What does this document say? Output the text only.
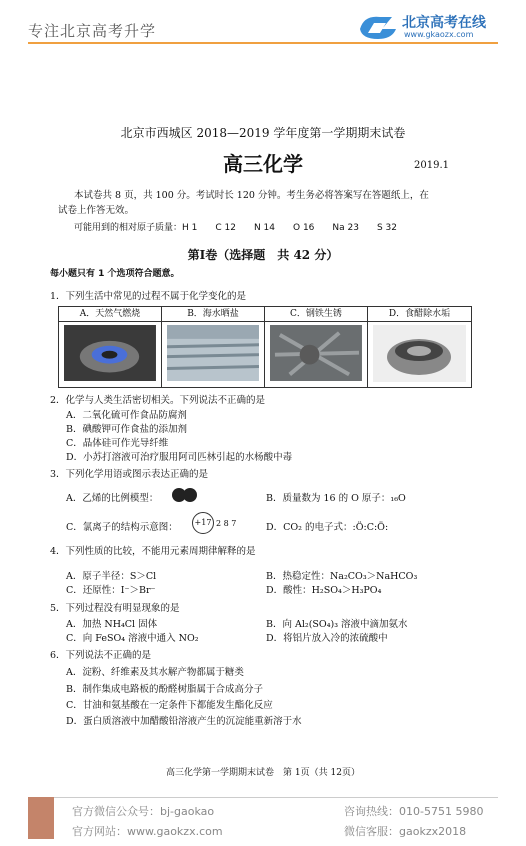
专注北京高考升学	北京高考在线
www.gkaozx.com
北京市西城区 2018—2019 学年度第一学期期末试卷
高三化学	2019.1
本试卷共 8 页，共 100 分。考试时长 120 分钟。考生务必将答案写在答题纸上，在
试卷上作答无效。
可能用到的相对原子质量：H 1　　C 12　　N 14　　O 16　　Na 23　　S 32
第Ⅰ卷（选择题　共 42 分）
每小题只有 1 个选项符合题意。
1．下列生活中常见的过程不属于化学变化的是
A．天然气燃烧	B．海水晒盐	C．钢铁生锈	D．食醋除水垢
2．化学与人类生活密切相关。下列说法不正确的是
A．二氧化硫可作食品防腐剂
B．碘酸钾可作食盐的添加剂
C．晶体硅可作光导纤维
D．小苏打溶液可治疗服用阿司匹林引起的水杨酸中毒
3．下列化学用语或图示表达正确的是
A．乙烯的比例模型：	B．质量数为 16 的 O 原子：₁₆O
C．氯离子的结构示意图：	+17 2 8 7	D．CO₂ 的电子式：:Ö:C:Ö:
4．下列性质的比较，不能用元素周期律解释的是
A．原子半径：S＞Cl	B．热稳定性：Na₂CO₃＞NaHCO₃
C．还原性：I⁻＞Br⁻	D．酸性：H₂SO₄＞H₃PO₄
5．下列过程没有明显现象的是
A．加热 NH₄Cl 固体	B．向 Al₂(SO₄)₃ 溶液中滴加氨水
C．向 FeSO₄ 溶液中通入 NO₂	D．将铝片放入冷的浓硫酸中
6．下列说法不正确的是
A．淀粉、纤维素及其水解产物都属于糖类
B．制作集成电路板的酚醛树脂属于合成高分子
C．甘油和氨基酸在一定条件下都能发生酯化反应
D．蛋白质溶液中加醋酸铅溶液产生的沉淀能重新溶于水
高三化学第一学期期末试卷　第 1页（共 12页）
官方微信公众号：bj-gaokao
官方网站：www.gaokzx.com
咨询热线：010-5751 5980
微信客服：gaokzx2018
